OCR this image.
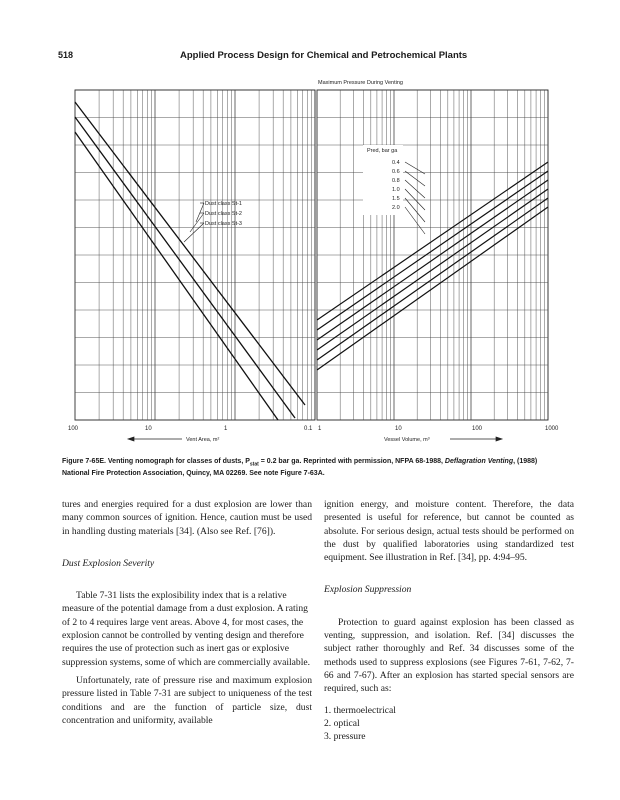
518	Applied Process Design for Chemical and Petrochemical Plants
Maximum Pressure During Venting
100	10	1	0.1 1	10	100	1000
Dust class St-1
Dust class St-2
Dust class St-3
Pred, bar ga
0.4
0.6
0.8
1.0
1.5
2.0
Vent Area, m²	Vessel Volume, m³
Figure 7-65E. Venting nomograph for classes of dusts, $P_{stat} = 0.2$ bar ga. Reprinted with permission, NFPA 68-1988, Deflagration Venting, (1988) National Fire Protection Association, Quincy, MA 02269. See note Figure 7-63A.

tures and energies required for a dust explosion are lower than many common sources of ignition. Hence, caution must be used in handling dusting materials [34]. (Also see Ref. [76]).

Dust Explosion Severity

Table 7-31 lists the explosibility index that is a relative measure of the potential damage from a dust explosion. A rating of 2 to 4 requires large vent areas. Above 4, for most cases, the explosion cannot be controlled by venting design and therefore requires the use of protection such as inert gas or explosive suppression systems, some of which are commercially available.

Unfortunately, rate of pressure rise and maximum explosion pressure listed in Table 7-31 are subject to uniqueness of the test conditions and are the function of particle size, dust concentration and uniformity, available

ignition energy, and moisture content. Therefore, the data presented is useful for reference, but cannot be counted as absolute. For serious design, actual tests should be performed on the dust by qualified laboratories using standardized test equipment. See illustration in Ref. [34], pp. 4:94–95.

Explosion Suppression

Protection to guard against explosion has been classed as venting, suppression, and isolation. Ref. [34] discusses the subject rather thoroughly and Ref. 34 discusses some of the methods used to suppress explosions (see Figures 7-61, 7-62, 7-66 and 7-67). After an explosion has started special sensors are required, such as:

1. thermoelectrical
2. optical
3. pressure
